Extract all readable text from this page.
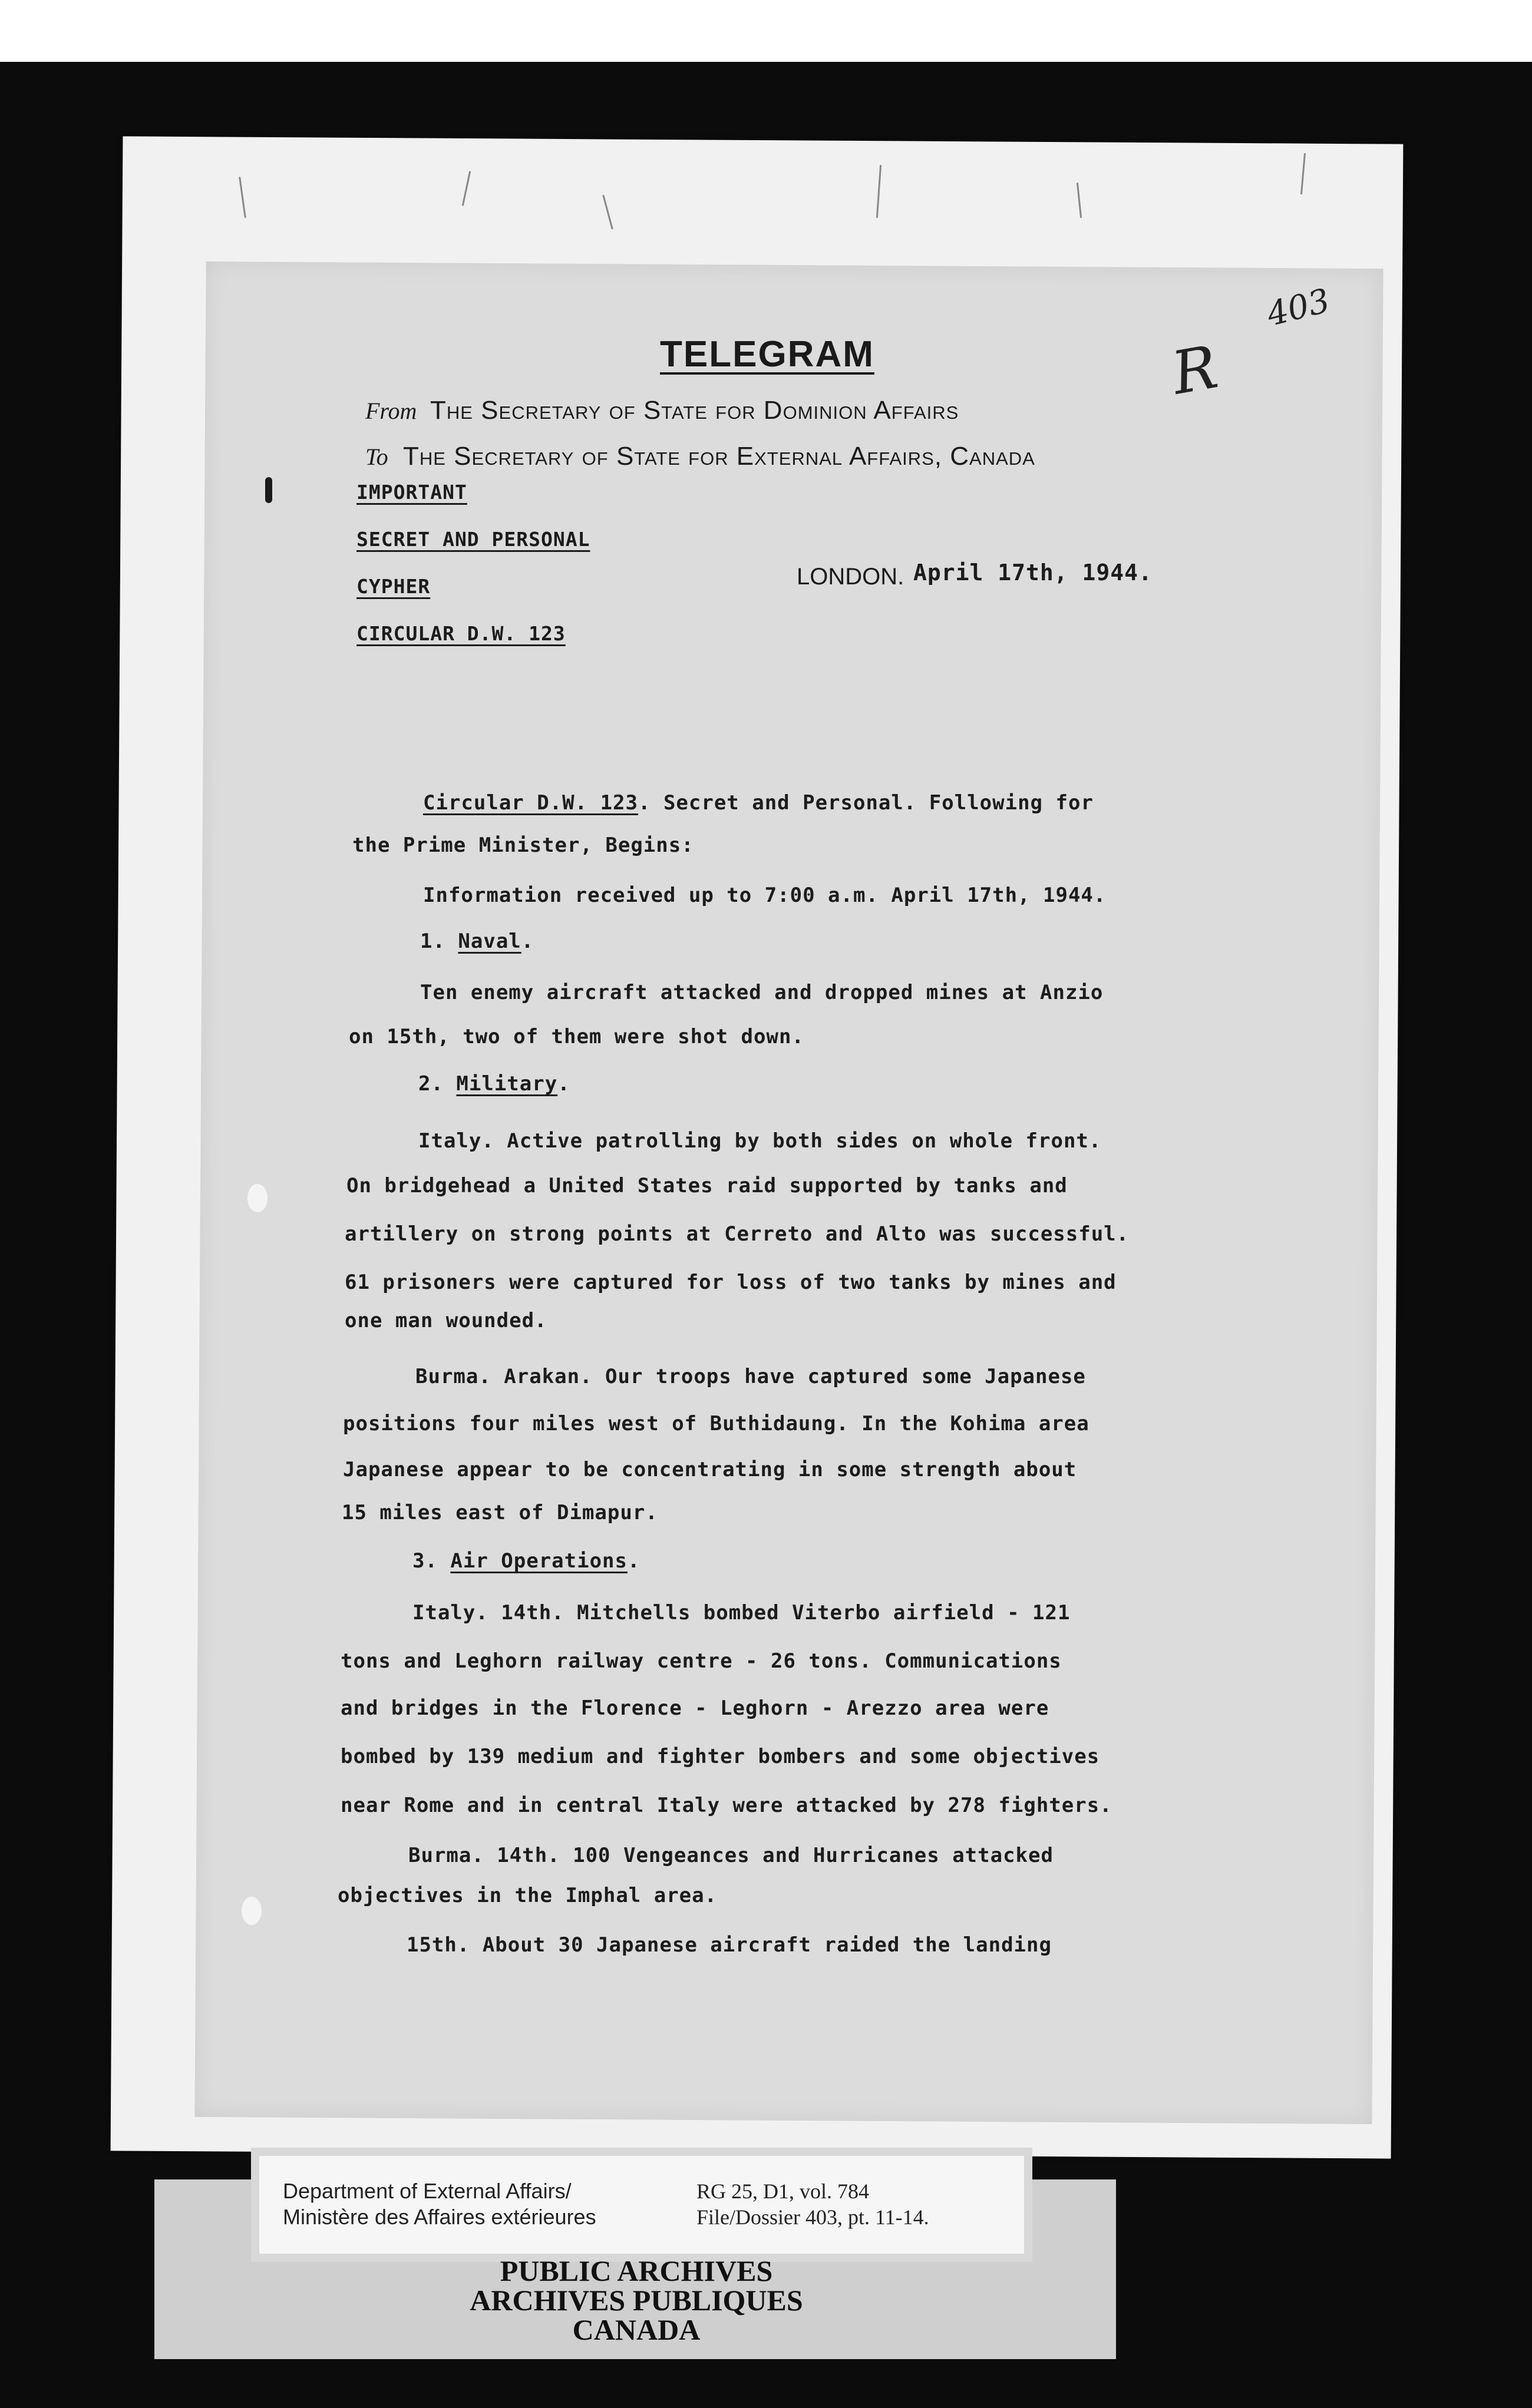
403
R
TELEGRAM
From The Secretary of State for Dominion Affairs
To The Secretary of State for External Affairs, Canada
IMPORTANT
SECRET AND PERSONAL
CYPHER
CIRCULAR D.W. 123
LONDON. April 17th, 1944.
Circular D.W. 123. Secret and Personal. Following for
the Prime Minister, Begins:
Information received up to 7:00 a.m. April 17th, 1944.
1. Naval.
Ten enemy aircraft attacked and dropped mines at Anzio
on 15th, two of them were shot down.
2. Military.
Italy. Active patrolling by both sides on whole front.
On bridgehead a United States raid supported by tanks and
artillery on strong points at Cerreto and Alto was successful.
61 prisoners were captured for loss of two tanks by mines and
one man wounded.
Burma. Arakan. Our troops have captured some Japanese
positions four miles west of Buthidaung. In the Kohima area
Japanese appear to be concentrating in some strength about
15 miles east of Dimapur.
3. Air Operations.
Italy. 14th. Mitchells bombed Viterbo airfield - 121
tons and Leghorn railway centre - 26 tons. Communications
and bridges in the Florence - Leghorn - Arezzo area were
bombed by 139 medium and fighter bombers and some objectives
near Rome and in central Italy were attacked by 278 fighters.
Burma. 14th. 100 Vengeances and Hurricanes attacked
objectives in the Imphal area.
15th. About 30 Japanese aircraft raided the landing
Department of External Affairs/
Ministère des Affaires extérieures
RG 25, D1, vol. 784
File/Dossier 403, pt. 11-14.
PUBLIC ARCHIVES
ARCHIVES PUBLIQUES
CANADA
